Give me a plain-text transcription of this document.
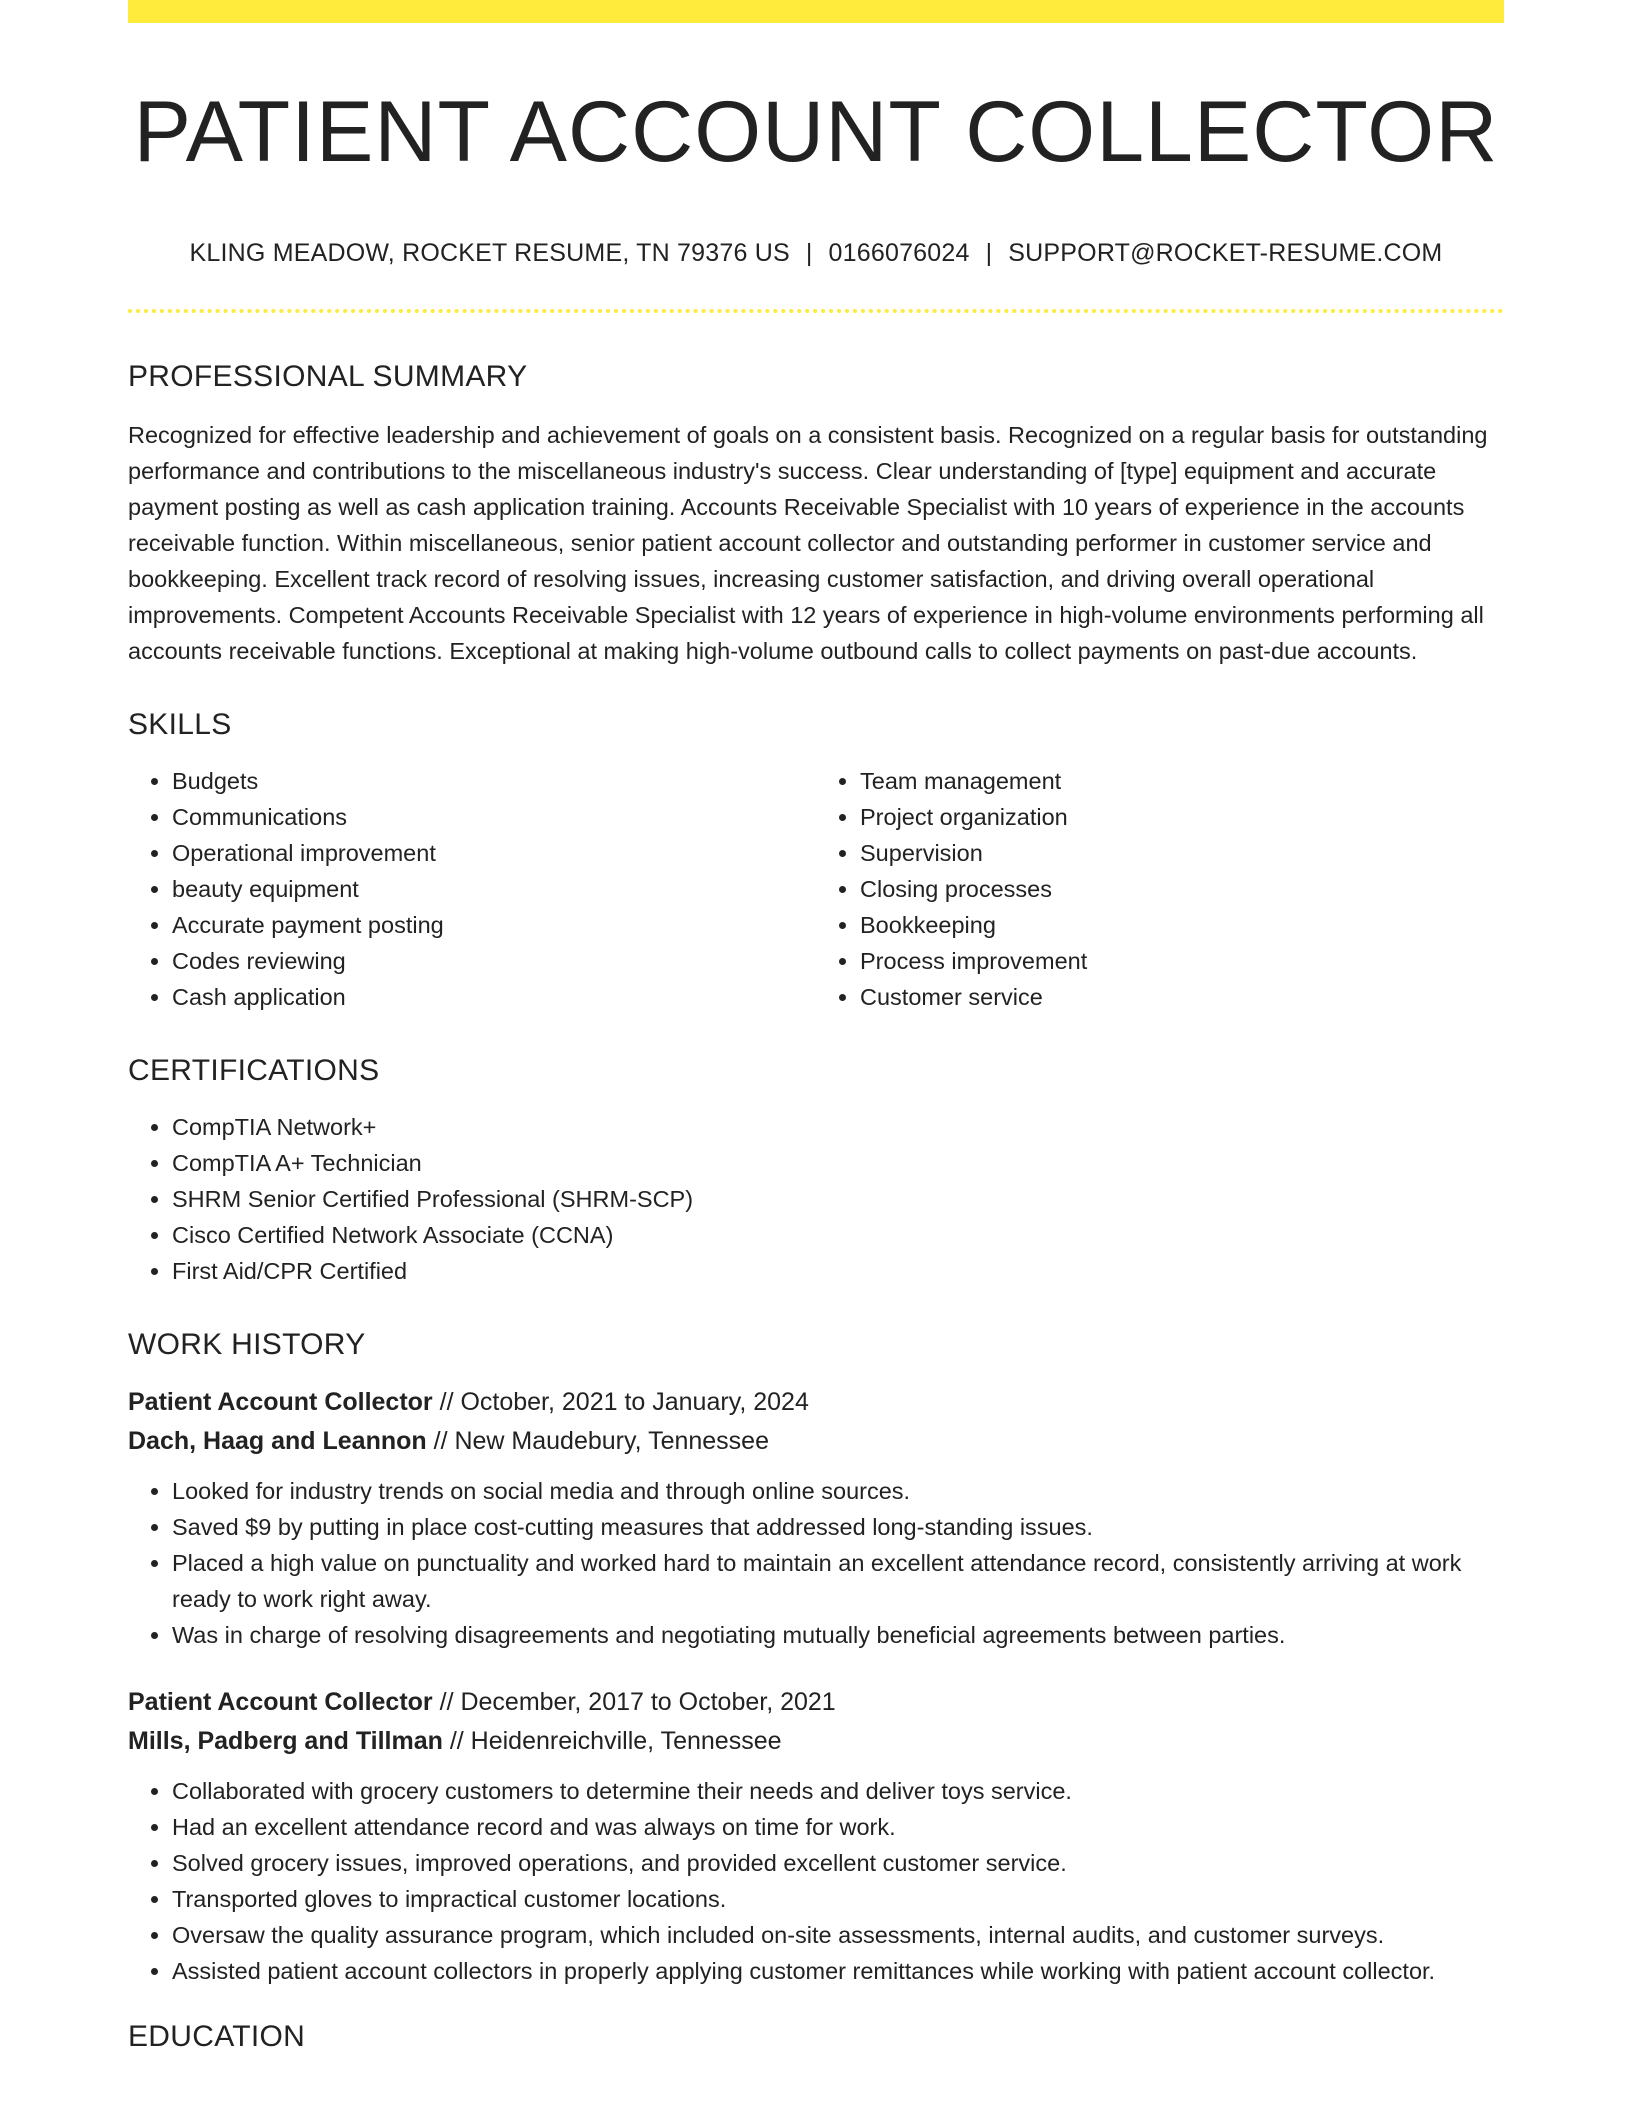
PATIENT ACCOUNT COLLECTOR
KLING MEADOW, ROCKET RESUME, TN 79376 US | 0166076024 | SUPPORT@ROCKET-RESUME.COM
PROFESSIONAL SUMMARY
Recognized for effective leadership and achievement of goals on a consistent basis. Recognized on a regular basis for outstanding performance and contributions to the miscellaneous industry's success. Clear understanding of [type] equipment and accurate payment posting as well as cash application training. Accounts Receivable Specialist with 10 years of experience in the accounts receivable function. Within miscellaneous, senior patient account collector and outstanding performer in customer service and bookkeeping. Excellent track record of resolving issues, increasing customer satisfaction, and driving overall operational improvements. Competent Accounts Receivable Specialist with 12 years of experience in high-volume environments performing all accounts receivable functions. Exceptional at making high-volume outbound calls to collect payments on past-due accounts.
SKILLS
• Budgets
• Communications
• Operational improvement
• beauty equipment
• Accurate payment posting
• Codes reviewing
• Cash application
• Team management
• Project organization
• Supervision
• Closing processes
• Bookkeeping
• Process improvement
• Customer service
CERTIFICATIONS
• CompTIA Network+
• CompTIA A+ Technician
• SHRM Senior Certified Professional (SHRM-SCP)
• Cisco Certified Network Associate (CCNA)
• First Aid/CPR Certified
WORK HISTORY
Patient Account Collector // October, 2021 to January, 2024
Dach, Haag and Leannon // New Maudebury, Tennessee
• Looked for industry trends on social media and through online sources.
• Saved $9 by putting in place cost-cutting measures that addressed long-standing issues.
• Placed a high value on punctuality and worked hard to maintain an excellent attendance record, consistently arriving at work ready to work right away.
• Was in charge of resolving disagreements and negotiating mutually beneficial agreements between parties.
Patient Account Collector // December, 2017 to October, 2021
Mills, Padberg and Tillman // Heidenreichville, Tennessee
• Collaborated with grocery customers to determine their needs and deliver toys service.
• Had an excellent attendance record and was always on time for work.
• Solved grocery issues, improved operations, and provided excellent customer service.
• Transported gloves to impractical customer locations.
• Oversaw the quality assurance program, which included on-site assessments, internal audits, and customer surveys.
• Assisted patient account collectors in properly applying customer remittances while working with patient account collector.
EDUCATION
